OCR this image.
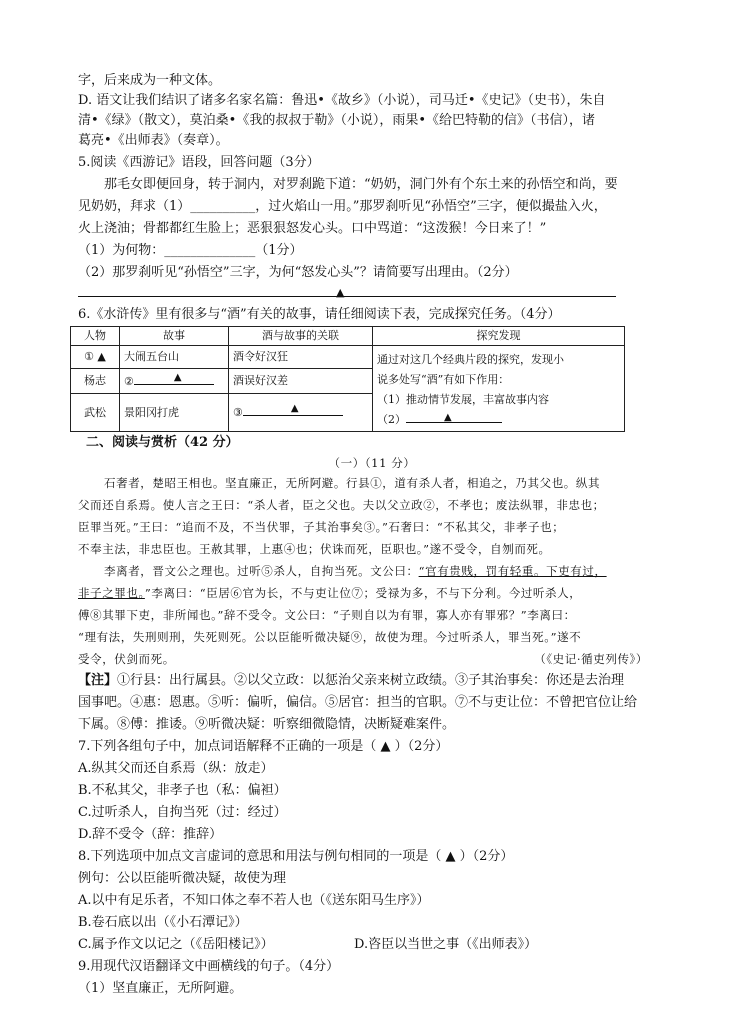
字，后来成为一种文体。
D. 语文让我们结识了诸多名家名篇：鲁迅•《故乡》（小说），司马迁•《史记》（史书），朱自
清•《绿》（散文），莫泊桑•《我的叔叔于勒》（小说），雨果•《给巴特勒的信》（书信），诸
葛亮•《出师表》（奏章）。
5.阅读《西游记》语段，回答问题（3分）
那毛女即便回身，转于洞内，对罗刹跪下道：“奶奶，洞门外有个东土来的孙悟空和尚，要
见奶奶，拜求（1）__________，过火焰山一用。”那罗刹听见“孙悟空”三字，便似撮盐入火，
火上浇油；骨都都红生脸上；恶狠狠怒发心头。口中骂道：“这泼猴！今日来了！”
（1）为何物：______________（1分）
（2）那罗刹听见“孙悟空”三字，为何“怒发心头”？请简要写出理由。（2分）
▲
6.《水浒传》里有很多与“酒”有关的故事，请任细阅读下表，完成探究任务。（4分）
人物	故事	酒与故事的关联	探究发现
① ▲	大闹五台山	酒令好汉狂	通过对这几个经典片段的探究，发现小
说多处写“酒”有如下作用：
（1）推动情节发展，丰富故事内容
（2） ▲

杨志	② ▲	酒误好汉差	
武松	景阳冈打虎	③ ▲	
二、阅读与赏析（42 分）
（一）（11 分）
石奢者，楚昭王相也。坚直廉正，无所阿避。行县①，道有杀人者，相追之，乃其父也。纵其
父而还自系焉。使人言之王曰：“杀人者，臣之父也。夫以父立政②，不孝也；废法纵罪，非忠也；
臣罪当死。”王曰：“追而不及，不当伏罪，子其治事矣③。”石奢曰：“不私其父，非孝子也；
不奉主法，非忠臣也。王赦其罪，上惠④也；伏诛而死，臣职也。”遂不受令，自刎而死。
李离者，晋文公之理也。过听⑤杀人，自拘当死。文公曰：“官有贵贱，罚有轻重。下吏有过，
非子之罪也。”李离曰：“臣居⑥官为长，不与吏让位⑦；受禄为多，不与下分利。今过听杀人，
傅⑧其罪下吏，非所闻也。”辞不受令。文公曰：“子则自以为有罪，寡人亦有罪邪？”李离曰：
“理有法，失刑则刑，失死则死。公以臣能听微决疑⑨，故使为理。今过听杀人，罪当死。”遂不
受令，伏剑而死。	（《史记·循吏列传》）
【注】①行县：出行属县。②以父立政：以惩治父亲来树立政绩。③子其治事矣：你还是去治理
国事吧。④惠：恩惠。⑤听：偏听，偏信。⑤居官：担当的官职。⑦不与吏让位：不曾把官位让给
下属。⑧傅：推诿。⑨听微决疑：听察细微隐情，决断疑难案件。
7.下列各组句子中，加点词语解释不正确的一项是（ ▲ ）（2分）
A.纵其父而还自系焉（纵：放走）
B.不私其父，非孝子也（私：偏袒）
C.过听杀人，自拘当死（过：经过）
D.辞不受令（辞：推辞）
8.下列选项中加点文言虚词的意思和用法与例句相同的一项是（ ▲ ）（2分）
例句：公以臣能听微决疑，故使为理
A.以中有足乐者，不知口体之奉不若人也（《送东阳马生序》）
B.卷石底以出（《小石潭记》）
C.属予作文以记之（《岳阳楼记》）	D.咨臣以当世之事（《出师表》）
9.用现代汉语翻译文中画横线的句子。（4分）
（1）坚直廉正，无所阿避。
